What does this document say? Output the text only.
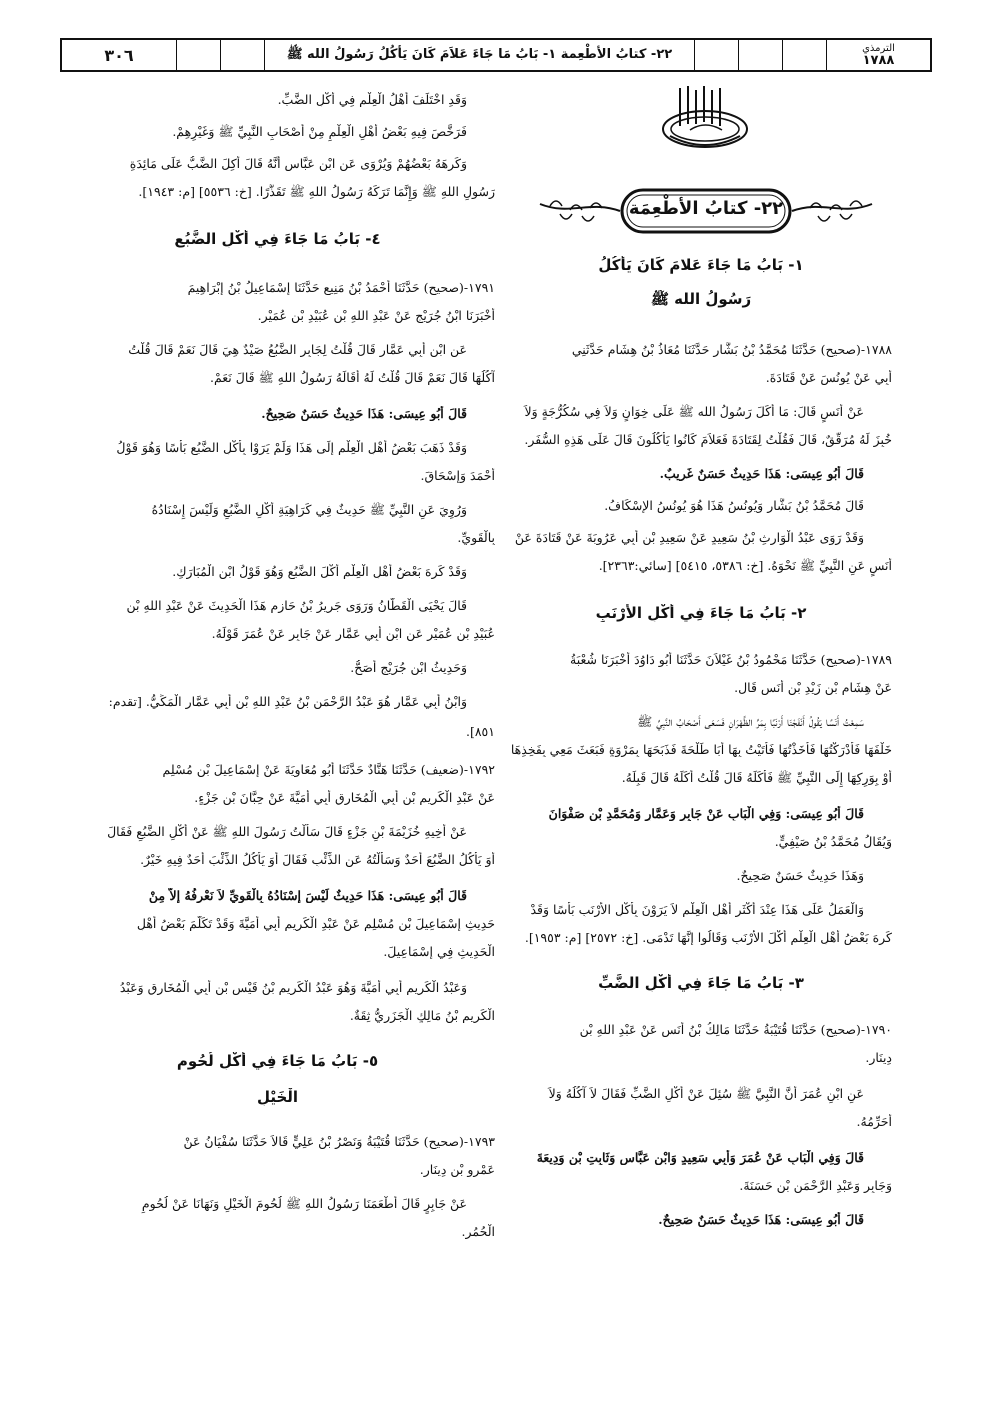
الترمذي
١٧٨٨
٢٢- كتابُ الأطْعِمة ١- بَابُ مَا جَاءَ عَلاَمَ كَانَ يَأكُلُ رَسُولُ الله ﷺ
٣٠٦
٢٢- كتابُ الأطْعِمَة
١- بَابُ مَا جَاءَ عَلامَ كَانَ يَأكُلُ
رَسُولُ الله ﷺ
١٧٨٨-(صحيح) حَدَّثَنَا مُحَمَّدُ بْنُ بَشَّارٍ حَدَّثَنَا مُعَاذُ بْنُ هِشَامٍ حَدَّثَنِي
أَبِي عَنْ يُونُسَ عَنْ قَتَادَةَ.
عَنْ أَنَسٍ قَالَ: مَا أَكَلَ رَسُولُ الله ﷺ عَلَى خِوَانٍ وَلاَ فِي سُكُرُّجَةٍ وَلاَ
خُبِزَ لَهُ مُرَقَّقٌ، قَالَ فَقُلْتُ لِقَتَادَةَ فَعَلاَمَ كَانُوا يَأكُلُونَ قَالَ عَلَى هَذِهِ السُّفَرِ.
قَالَ أَبُو عِيسَى: هَذَا حَدِيثٌ حَسَنٌ غَرِيبٌ.
قَالَ مُحَمَّدُ بْنُ بَشَّارٍ وَيُونُسُ هَذَا هُوَ يُونُسُ الإِسْكَافُ.
وَقَدْ رَوَى عَبْدُ الْوَارِثِ بْنُ سَعِيدٍ عَنْ سَعِيدِ بْنِ أَبِي عَرُوبَةَ عَنْ قَتَادَةَ عَنْ
أَنَسٍ عَنِ النَّبِيِّ ﷺ نَحْوَهُ. [خ: ٥٣٨٦، ٥٤١٥] [سائي:٢٣٦٣].
٢- بَابُ مَا جَاءَ فِي أَكْلِ الأَرْنَبِ
١٧٨٩-(صحيح) حَدَّثَنَا مَحْمُودُ بْنُ غَيْلاَنَ حَدَّثَنَا أَبُو دَاوُدَ أَخْبَرَنَا شُعْبَةُ
عَنْ هِشَامِ بْنِ زَيْدِ بْنِ أَنَسٍ قَال.
سَمِعْتُ أَنَسًا يَقُولُ أَنْفَجْنَا أَرْنَبًا بِمَرِّ الظَّهْرَانِ فَسَعَى أَصْحَابُ النَّبِيِّ ﷺ
خَلْفَهَا فَأَدْرَكْتُهَا فَأَخَذْتُهَا فَأَتَيْتُ بِهَا أَبَا طَلْحَةَ فَذَبَحَهَا بِمَرْوَةٍ فَبَعَثَ مَعِي بِفَخِذِهَا
أَوْ بِوَرِكِهَا إِلَى النَّبِيِّ ﷺ فَأَكَلَهُ قَالَ قُلْتُ أَكَلَهُ قَالَ قَبِلَهُ.
قَالَ أَبُو عِيسَى: وَفِي الْبَابِ عَنْ جَابِرٍ وَعَمَّارٍ وَمُحَمَّدِ بْنِ صَفْوَانَ
وَيُقَالُ مُحَمَّدُ بْنُ صَيْفِيٍّ.
وَهَذَا حَدِيثٌ حَسَنٌ صَحِيحٌ.
وَالْعَمَلُ عَلَى هَذَا عِنْدَ أَكْثَرِ أَهْلِ الْعِلْمِ لاَ يَرَوْنَ بِأَكْلِ الأَرْنَبِ بَأْسًا وَقَدْ
كَرِهَ بَعْضُ أَهْلِ الْعِلْمِ أَكْلَ الأَرْنَبِ وَقَالُوا إِنَّهَا تَدْمَى. [خ: ٢٥٧٢] [م: ١٩٥٣].
٣- بَابُ مَا جَاءَ فِي أَكْلِ الضَّبِّ
١٧٩٠-(صحيح) حَدَّثَنَا قُتَيْبَةُ حَدَّثَنَا مَالِكُ بْنُ أَنَسٍ عَنْ عَبْدِ اللهِ بْنِ
دِينَارٍ.
عَنِ ابْنِ عُمَرَ أَنَّ النَّبِيَّ ﷺ سُئِلَ عَنْ أَكْلِ الضَّبِّ فَقَالَ لاَ آكُلُهُ وَلاَ
أُحَرِّمُهُ.
قَالَ وَفِي الْبَابِ عَنْ عُمَرَ وَأَبِي سَعِيدٍ وَابْنِ عَبَّاسٍ وَثَابِتِ بْنِ وَدِيعَةَ
وَجَابِرٍ وَعَبْدِ الرَّحْمَنِ بْنِ حَسَنَةَ.
قَالَ أَبُو عِيسَى: هَذَا حَدِيثٌ حَسَنٌ صَحِيحٌ.
وَقَدِ اخْتَلَفَ أَهْلُ الْعِلْمِ فِي أَكْلِ الضَّبِّ.
فَرَخَّصَ فِيهِ بَعْضُ أَهْلِ الْعِلْمِ مِنْ أَصْحَابِ النَّبِيِّ ﷺ وَغَيْرِهِمْ.
وَكَرِهَهُ بَعْضُهُمْ وَيُرْوَى عَنِ ابْنِ عَبَّاسٍ أَنَّهُ قَالَ أُكِلَ الضَّبُّ عَلَى مَائِدَةِ
رَسُولِ اللهِ ﷺ وَإِنَّمَا تَرَكَهُ رَسُولُ اللهِ ﷺ تَقَذُّرًا. [خ: ٥٥٣٦] [م: ١٩٤٣].
٤- بَابُ مَا جَاءَ فِي أَكْلِ الضَّبُعِ
١٧٩١-(صحيح) حَدَّثَنَا أَحْمَدُ بْنُ مَنِيعٍ حَدَّثَنَا إِسْمَاعِيلُ بْنُ إِبْرَاهِيمَ
أَخْبَرَنَا ابْنُ جُرَيْجٍ عَنْ عَبْدِ اللهِ بْنِ عُبَيْدِ بْنِ عُمَيْرٍ.
عَنِ ابْنِ أَبِي عَمَّارٍ قَالَ قُلْتُ لِجَابِرٍ الضَّبُعُ صَيْدٌ هِيَ قَالَ نَعَمْ قَالَ قُلْتُ
آكُلُهَا قَالَ نَعَمْ قَالَ قُلْتُ لَهُ أَقَالَهُ رَسُولُ اللهِ ﷺ قَالَ نَعَمْ.
قَالَ أَبُو عِيسَى: هَذَا حَدِيثٌ حَسَنٌ صَحِيحٌ.
وَقَدْ ذَهَبَ بَعْضُ أَهْلِ الْعِلْمِ إِلَى هَذَا وَلَمْ يَرَوْا بِأَكْلِ الضَّبُعِ بَأْسًا وَهُوَ قَوْلُ
أَحْمَدَ وَإِسْحَاقَ.
وَرُوِيَ عَنِ النَّبِيِّ ﷺ حَدِيثٌ فِي كَرَاهِيَةِ أَكْلِ الضَّبُعِ وَلَيْسَ إِسْنَادُهُ
بِالْقَوِيِّ.
وَقَدْ كَرِهَ بَعْضُ أَهْلِ الْعِلْمِ أَكْلَ الضَّبُعِ وَهُوَ قَوْلُ ابْنِ الْمُبَارَكِ.
قَالَ يَحْيَى الْقَطَّانُ وَرَوَى جَرِيرُ بْنُ حَازِمٍ هَذَا الْحَدِيثَ عَنْ عَبْدِ اللهِ بْنِ
عُبَيْدِ بْنِ عُمَيْرٍ عَنِ ابْنِ أَبِي عَمَّارٍ عَنْ جَابِرٍ عَنْ عُمَرَ قَوْلَهُ.
وَحَدِيثُ ابْنِ جُرَيْجٍ أَصَحُّ.
وَابْنُ أَبِي عَمَّارٍ هُوَ عَبْدُ الرَّحْمَنِ بْنُ عَبْدِ اللهِ بْنِ أَبِي عَمَّارٍ الْمَكِّيُّ. [تقدم:
٨٥١].
١٧٩٢-(ضعيف) حَدَّثَنَا هَنَّادٌ حَدَّثَنَا أَبُو مُعَاوِيَةَ عَنْ إِسْمَاعِيلَ بْنِ مُسْلِمٍ
عَنْ عَبْدِ الْكَرِيمِ بْنِ أَبِي الْمُخَارِقِ أَبِي أُمَيَّةَ عَنْ حِبَّانَ بْنِ جَزْءٍ.
عَنْ أَخِيهِ خُزَيْمَةَ بْنِ جَزْءٍ قَالَ سَأَلْتُ رَسُولَ اللهِ ﷺ عَنْ أَكْلِ الضَّبُعِ فَقَالَ
أَوَ يَأْكُلُ الضَّبُعَ أَحَدٌ وَسَأَلْتُهُ عَنِ الذِّئْبِ فَقَالَ أَوَ يَأْكُلُ الذِّئْبَ أَحَدٌ فِيهِ خَيْرٌ.
قَالَ أَبُو عِيسَى: هَذَا حَدِيثٌ لَيْسَ إِسْنَادُهُ بِالْقَوِيِّ لاَ نَعْرِفُهُ إِلاَّ مِنْ
حَدِيثِ إِسْمَاعِيلَ بْنِ مُسْلِمٍ عَنْ عَبْدِ الْكَرِيمِ أَبِي أُمَيَّةَ وَقَدْ تَكَلَّمَ بَعْضُ أَهْلِ
الْحَدِيثِ فِي إِسْمَاعِيلَ.
وَعَبْدُ الْكَرِيمِ أَبِي أُمَيَّةَ وَهُوَ عَبْدُ الْكَرِيمِ بْنُ قَيْسِ بْنِ أَبِي الْمُخَارِقِ وَعَبْدُ
الْكَرِيمِ بْنُ مَالِكٍ الْجَزَرِيُّ ثِقَةٌ.
٥- بَابُ مَا جَاءَ فِي أَكْلِ لُحُومِ
الْخَيْلِ
١٧٩٣-(صحيح) حَدَّثَنَا قُتَيْبَةُ وَنَصْرُ بْنُ عَلِيٍّ قَالاَ حَدَّثَنَا سُفْيَانُ عَنْ
عَمْرِو بْنِ دِينَارٍ.
عَنْ جَابِرٍ قَالَ أَطْعَمَنَا رَسُولُ اللهِ ﷺ لُحُومَ الْخَيْلِ وَنَهَانَا عَنْ لُحُومِ
الْحُمُرِ.
